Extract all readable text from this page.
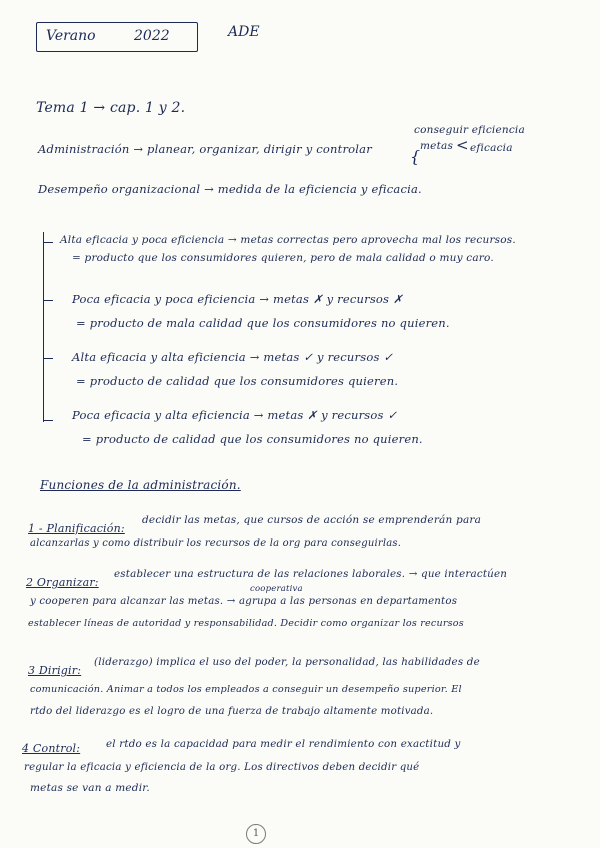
Verano	2022	ADE
Tema 1 → cap. 1 y 2.
Administración → planear, organizar, dirigir y controlar {
conseguir eficiencia
metas < eficacia
Desempeño organizacional → medida de la eficiencia y eficacia.
Alta eficacia y poca eficiencia → metas correctas pero aprovecha mal los recursos.
= producto que los consumidores quieren, pero de mala calidad o muy caro.
Poca eficacia y poca eficiencia → metas ✗ y recursos ✗
= producto de mala calidad que los consumidores no quieren.
Alta eficacia y alta eficiencia → metas ✓ y recursos ✓
= producto de calidad que los consumidores quieren.
Poca eficacia y alta eficiencia → metas ✗ y recursos ✓
= producto de calidad que los consumidores no quieren.
Funciones de la administración.
1 - Planificación:
decidir las metas, que cursos de acción se emprenderán para
alcanzarlas y como distribuir los recursos de la org para conseguirlas.
2 Organizar:
establecer una estructura de las relaciones laborales. → que interactúen
cooperativa
y cooperen para alcanzar las metas. → agrupa a las personas en departamentos
establecer líneas de autoridad y responsabilidad. Decidir como organizar los recursos
3 Dirigir:
(liderazgo) implica el uso del poder, la personalidad, las habilidades de
comunicación. Animar a todos los empleados a conseguir un desempeño superior. El
rtdo del liderazgo es el logro de una fuerza de trabajo altamente motivada.
4 Control:	el rtdo es la capacidad para medir el rendimiento con exactitud y
regular la eficacia y eficiencia de la org. Los directivos deben decidir qué
metas se van a medir.
1
